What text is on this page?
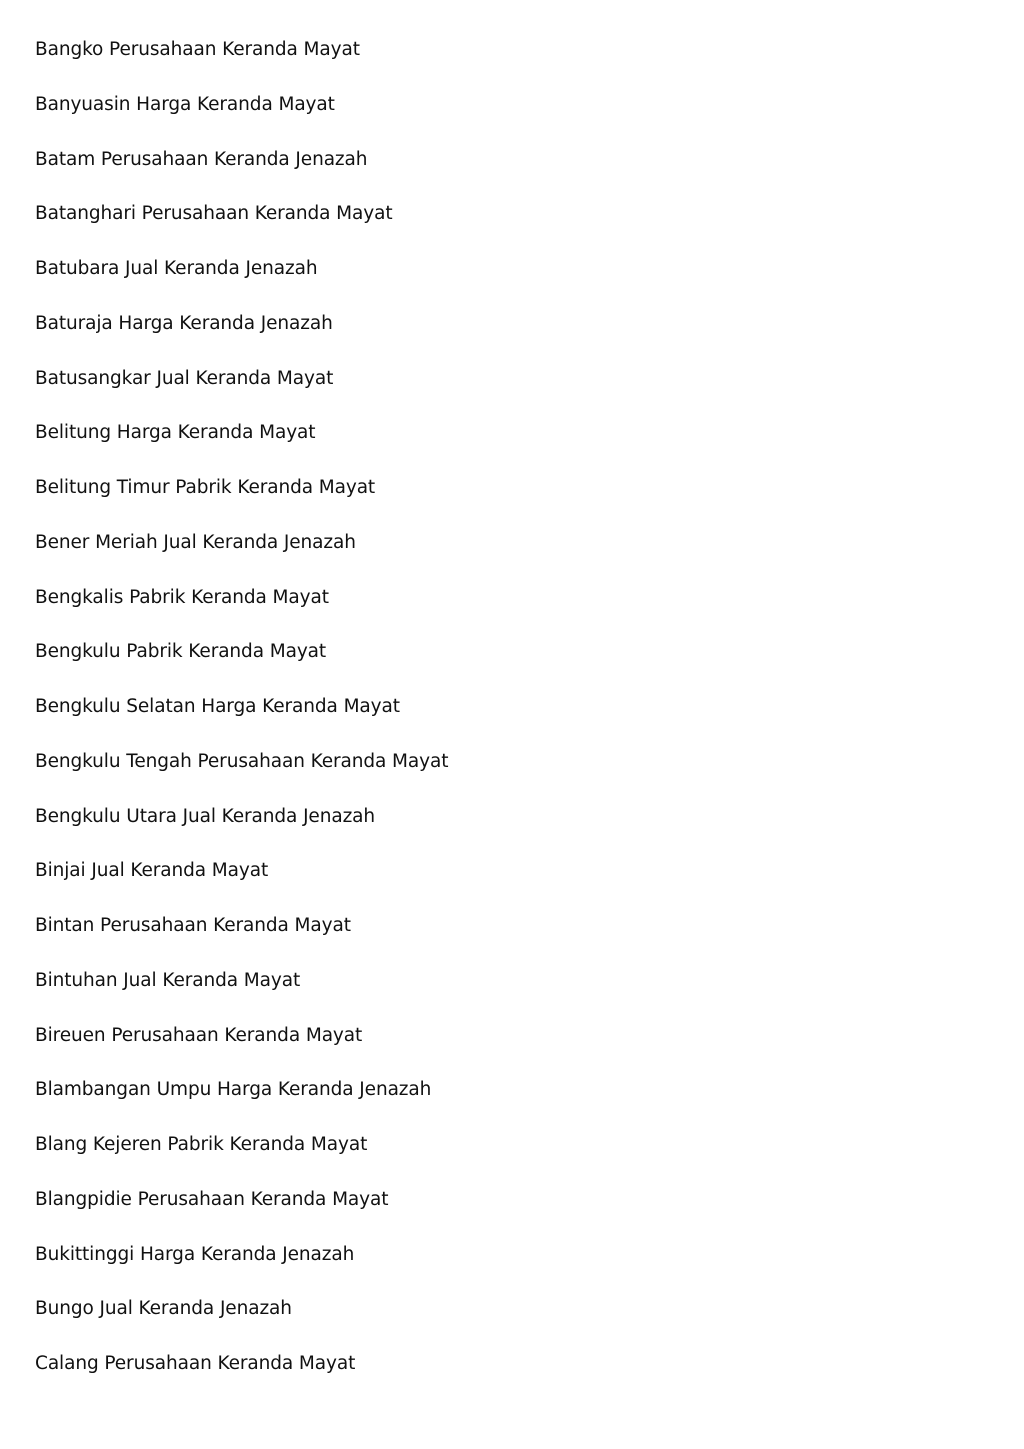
Bangko Perusahaan Keranda Mayat
Banyuasin Harga Keranda Mayat
Batam Perusahaan Keranda Jenazah
Batanghari Perusahaan Keranda Mayat
Batubara Jual Keranda Jenazah
Baturaja Harga Keranda Jenazah
Batusangkar Jual Keranda Mayat
Belitung Harga Keranda Mayat
Belitung Timur Pabrik Keranda Mayat
Bener Meriah Jual Keranda Jenazah
Bengkalis Pabrik Keranda Mayat
Bengkulu Pabrik Keranda Mayat
Bengkulu Selatan Harga Keranda Mayat
Bengkulu Tengah Perusahaan Keranda Mayat
Bengkulu Utara Jual Keranda Jenazah
Binjai Jual Keranda Mayat
Bintan Perusahaan Keranda Mayat
Bintuhan Jual Keranda Mayat
Bireuen Perusahaan Keranda Mayat
Blambangan Umpu Harga Keranda Jenazah
Blang Kejeren Pabrik Keranda Mayat
Blangpidie Perusahaan Keranda Mayat
Bukittinggi Harga Keranda Jenazah
Bungo Jual Keranda Jenazah
Calang Perusahaan Keranda Mayat
